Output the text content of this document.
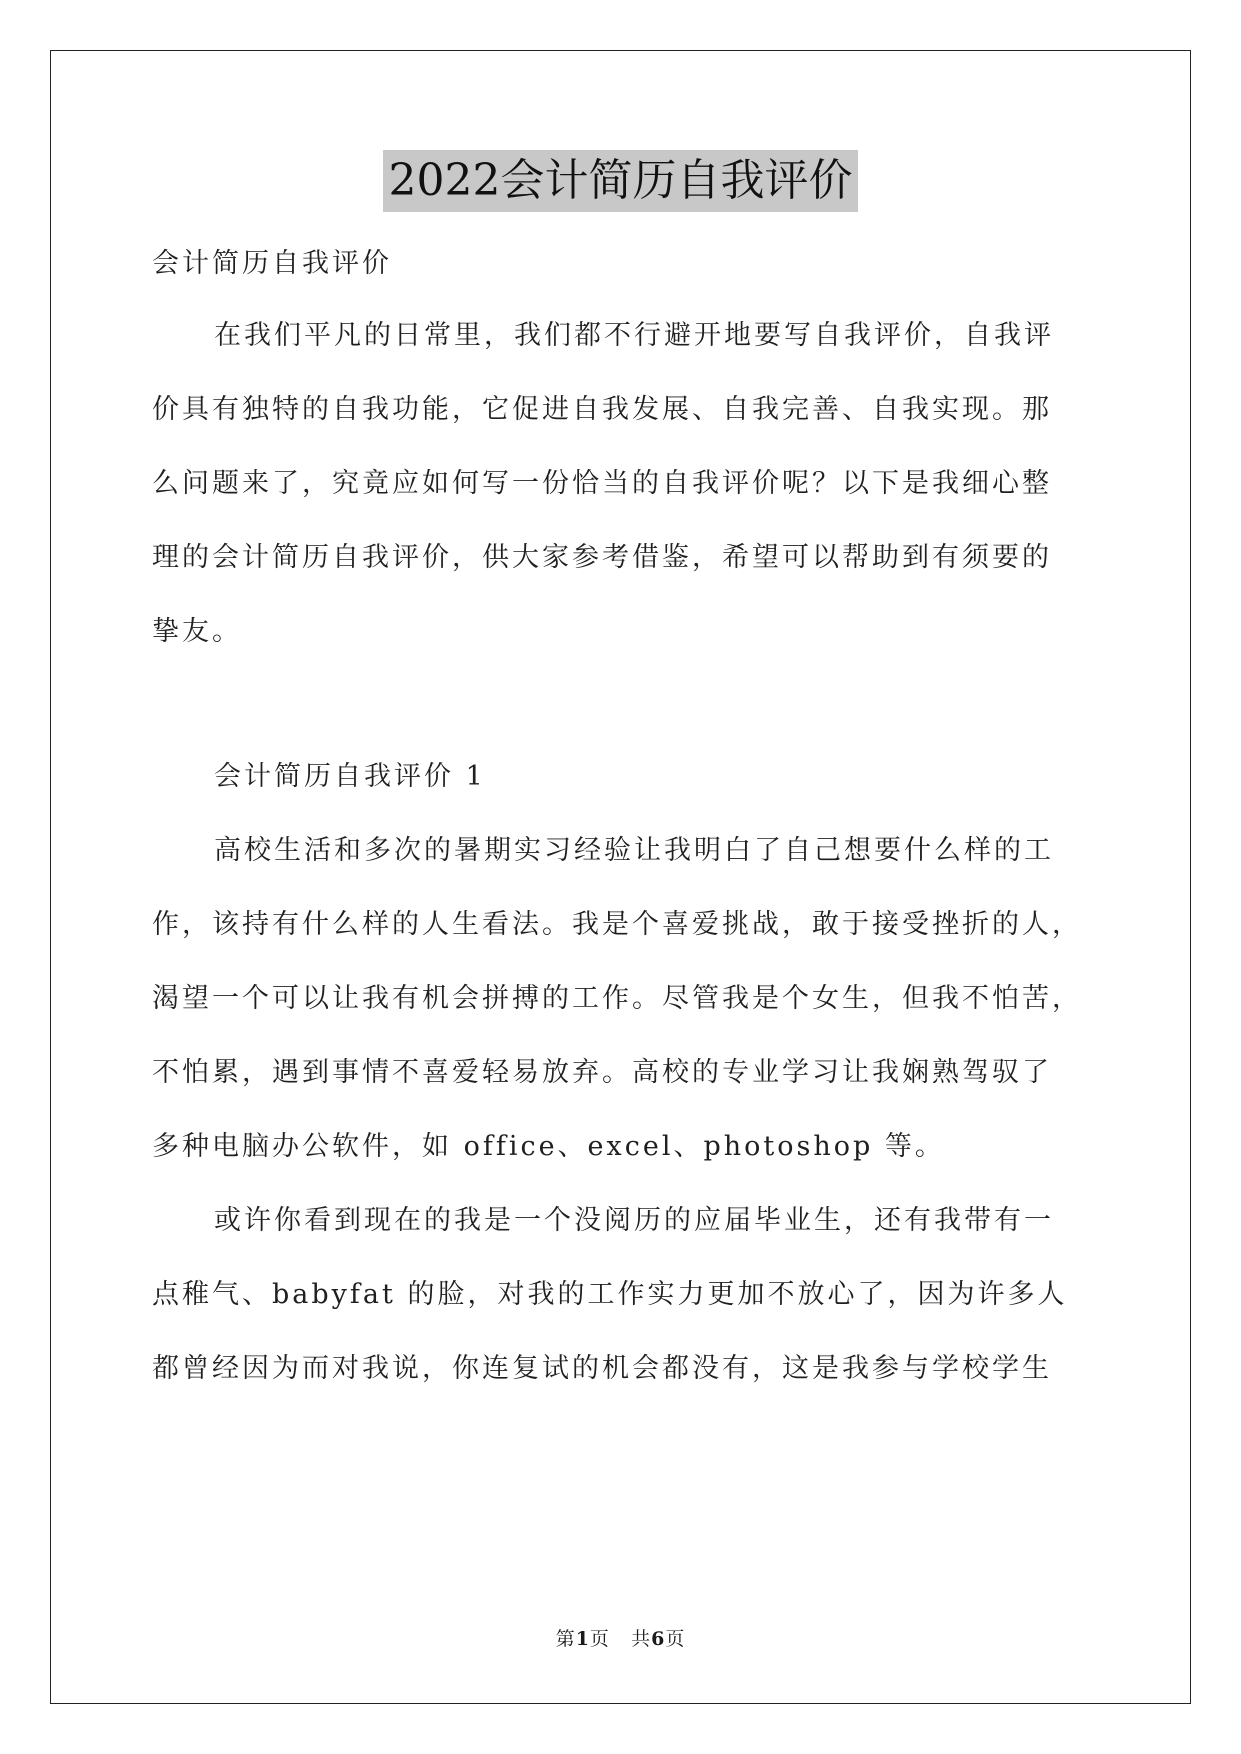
2022会计简历自我评价
会计简历自我评价
在我们平凡的日常里，我们都不行避开地要写自我评价，自我评
价具有独特的自我功能，它促进自我发展、自我完善、自我实现。那
么问题来了，究竟应如何写一份恰当的自我评价呢？以下是我细心整
理的会计简历自我评价，供大家参考借鉴，希望可以帮助到有须要的
挚友。
会计简历自我评价 1
高校生活和多次的暑期实习经验让我明白了自己想要什么样的工
作，该持有什么样的人生看法。我是个喜爱挑战，敢于接受挫折的人，
渴望一个可以让我有机会拼搏的工作。尽管我是个女生，但我不怕苦，
不怕累，遇到事情不喜爱轻易放弃。高校的专业学习让我娴熟驾驭了
多种电脑办公软件，如 office、excel、photoshop 等。
或许你看到现在的我是一个没阅历的应届毕业生，还有我带有一
点稚气、babyfat 的脸，对我的工作实力更加不放心了，因为许多人
都曾经因为而对我说，你连复试的机会都没有，这是我参与学校学生
第1页 共6页
